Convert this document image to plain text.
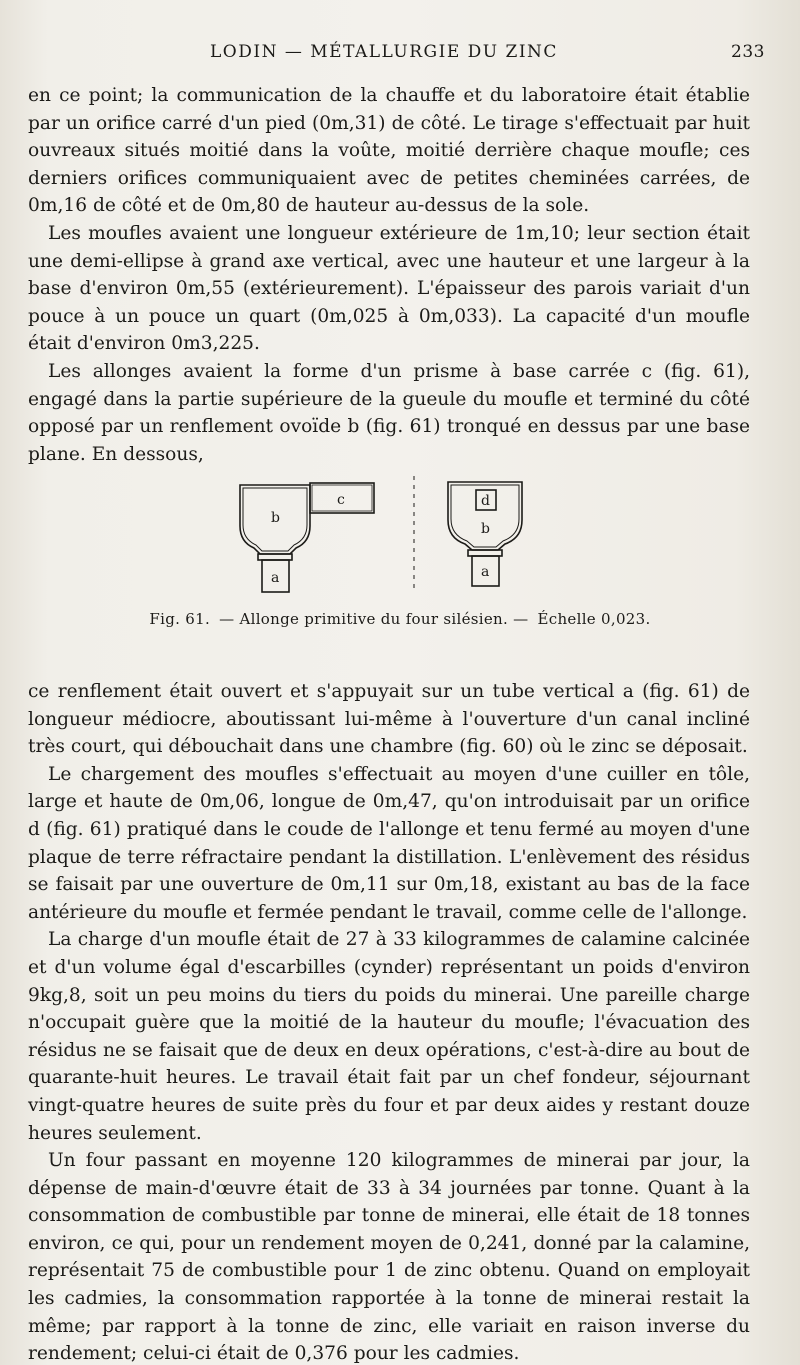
LODIN — MÉTALLURGIE DU ZINC	233

en ce point; la communication de la chauffe et du laboratoire était établie par un orifice carré d'un pied (0m,31) de côté. Le tirage s'effectuait par huit ouvreaux situés moitié dans la voûte, moitié derrière chaque moufle; ces derniers orifices communiquaient avec de petites cheminées carrées, de 0m,16 de côté et de 0m,80 de hauteur au-dessus de la sole.

Les moufles avaient une longueur extérieure de 1m,10; leur section était une demi-ellipse à grand axe vertical, avec une hauteur et une largeur à la base d'environ 0m,55 (extérieurement). L'épaisseur des parois variait d'un pouce à un pouce un quart (0m,025 à 0m,033). La capacité d'un moufle était d'environ 0m3,225.

Les allonges avaient la forme d'un prisme à base carrée c (fig. 61), engagé dans la partie supérieure de la gueule du moufle et terminé du côté opposé par un renflement ovoïde b (fig. 61) tronqué en dessus par une base plane. En dessous,

b
c
a
d
b
a
Fig. 61. — Allonge primitive du four silésien. — Échelle 0,023.

ce renflement était ouvert et s'appuyait sur un tube vertical a (fig. 61) de longueur médiocre, aboutissant lui-même à l'ouverture d'un canal incliné très court, qui débouchait dans une chambre (fig. 60) où le zinc se déposait.

Le chargement des moufles s'effectuait au moyen d'une cuiller en tôle, large et haute de 0m,06, longue de 0m,47, qu'on introduisait par un orifice d (fig. 61) pratiqué dans le coude de l'allonge et tenu fermé au moyen d'une plaque de terre réfractaire pendant la distillation. L'enlèvement des résidus se faisait par une ouverture de 0m,11 sur 0m,18, existant au bas de la face antérieure du moufle et fermée pendant le travail, comme celle de l'allonge.

La charge d'un moufle était de 27 à 33 kilogrammes de calamine calcinée et d'un volume égal d'escarbilles (cynder) représentant un poids d'environ 9kg,8, soit un peu moins du tiers du poids du minerai. Une pareille charge n'occupait guère que la moitié de la hauteur du moufle; l'évacuation des résidus ne se faisait que de deux en deux opérations, c'est-à-dire au bout de quarante-huit heures. Le travail était fait par un chef fondeur, séjournant vingt-quatre heures de suite près du four et par deux aides y restant douze heures seulement.

Un four passant en moyenne 120 kilogrammes de minerai par jour, la dépense de main-d'œuvre était de 33 à 34 journées par tonne. Quant à la consommation de combustible par tonne de minerai, elle était de 18 tonnes environ, ce qui, pour un rendement moyen de 0,241, donné par la calamine, représentait 75 de combustible pour 1 de zinc obtenu. Quand on employait les cadmies, la consommation rapportée à la tonne de minerai restait la même; par rapport à la tonne de zinc, elle variait en raison inverse du rendement; celui-ci était de 0,376 pour les cadmies.
